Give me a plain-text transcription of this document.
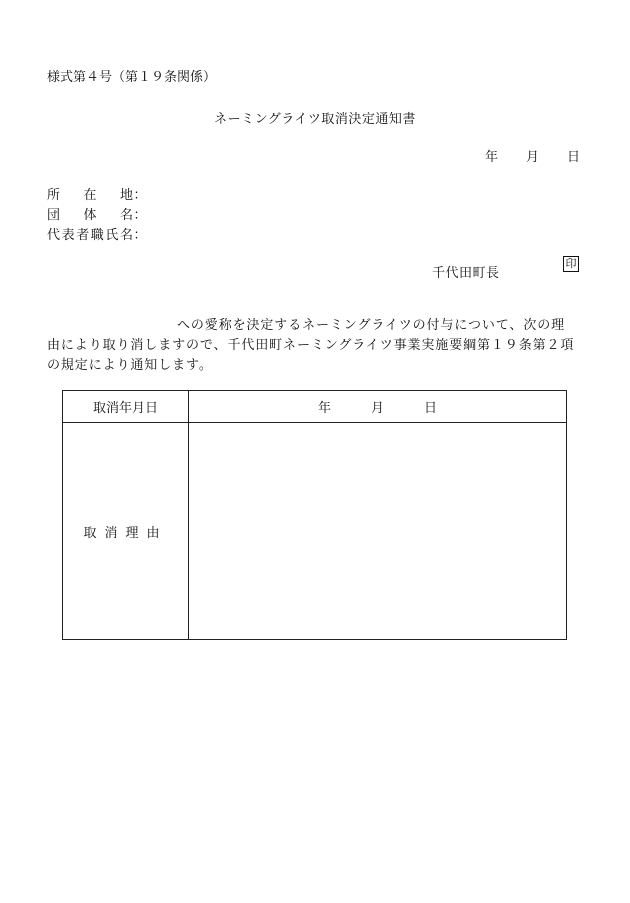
様式第４号（第１９条関係）
ネーミングライツ取消決定通知書
年 月 日
所　在　地：
団　体　名：
代表者職氏名：
千代田町長
印
への愛称を決定するネーミングライツの付与について、次の理
由により取り消しますので、千代田町ネーミングライツ事業実施要綱第１９条第２項の規定により通知します。
取消年月日	年 月 日
取消理由	
